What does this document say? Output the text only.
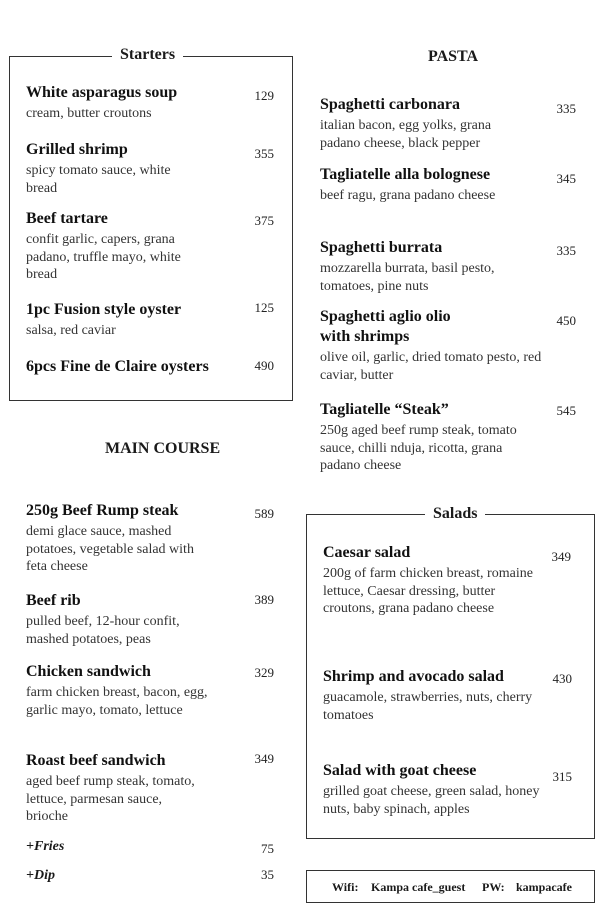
Starters
White asparagus soup
cream, butter croutons
129
Grilled shrimp
spicy tomato sauce, white bread
355
Beef tartare
confit garlic, capers, grana padano, truffle mayo, white bread
375
1pc Fusion style oyster
salsa, red caviar
125
6pcs Fine de Claire oysters	490
MAIN COURSE
250g Beef Rump steak
demi glace sauce, mashed potatoes, vegetable salad with feta cheese
589
Beef rib
pulled beef, 12-hour confit, mashed potatoes, peas
389
Chicken sandwich
farm chicken breast, bacon, egg, garlic mayo, tomato, lettuce
329
Roast beef sandwich
aged beef rump steak, tomato, lettuce, parmesan sauce, brioche
349
+Fries	75
+Dip	35
PASTA
Spaghetti carbonara
italian bacon, egg yolks, grana padano cheese, black pepper
335
Tagliatelle alla bolognese
beef ragu, grana padano cheese
345
Spaghetti burrata
mozzarella burrata, basil pesto, tomatoes, pine nuts
335
Spaghetti aglio olio with shrimps
olive oil, garlic, dried tomato pesto, red caviar, butter
450
Tagliatelle “Steak”
250g aged beef rump steak, tomato sauce, chilli nduja, ricotta, grana padano cheese
545
Salads
Caesar salad
200g of farm chicken breast, romaine lettuce, Caesar dressing, butter croutons, grana padano cheese
349
Shrimp and avocado salad
guacamole, strawberries, nuts, cherry tomatoes
430
Salad with goat cheese
grilled goat cheese, green salad, honey nuts, baby spinach, apples
315
Wifi: Kampa cafe_guest PW: kampacafe
